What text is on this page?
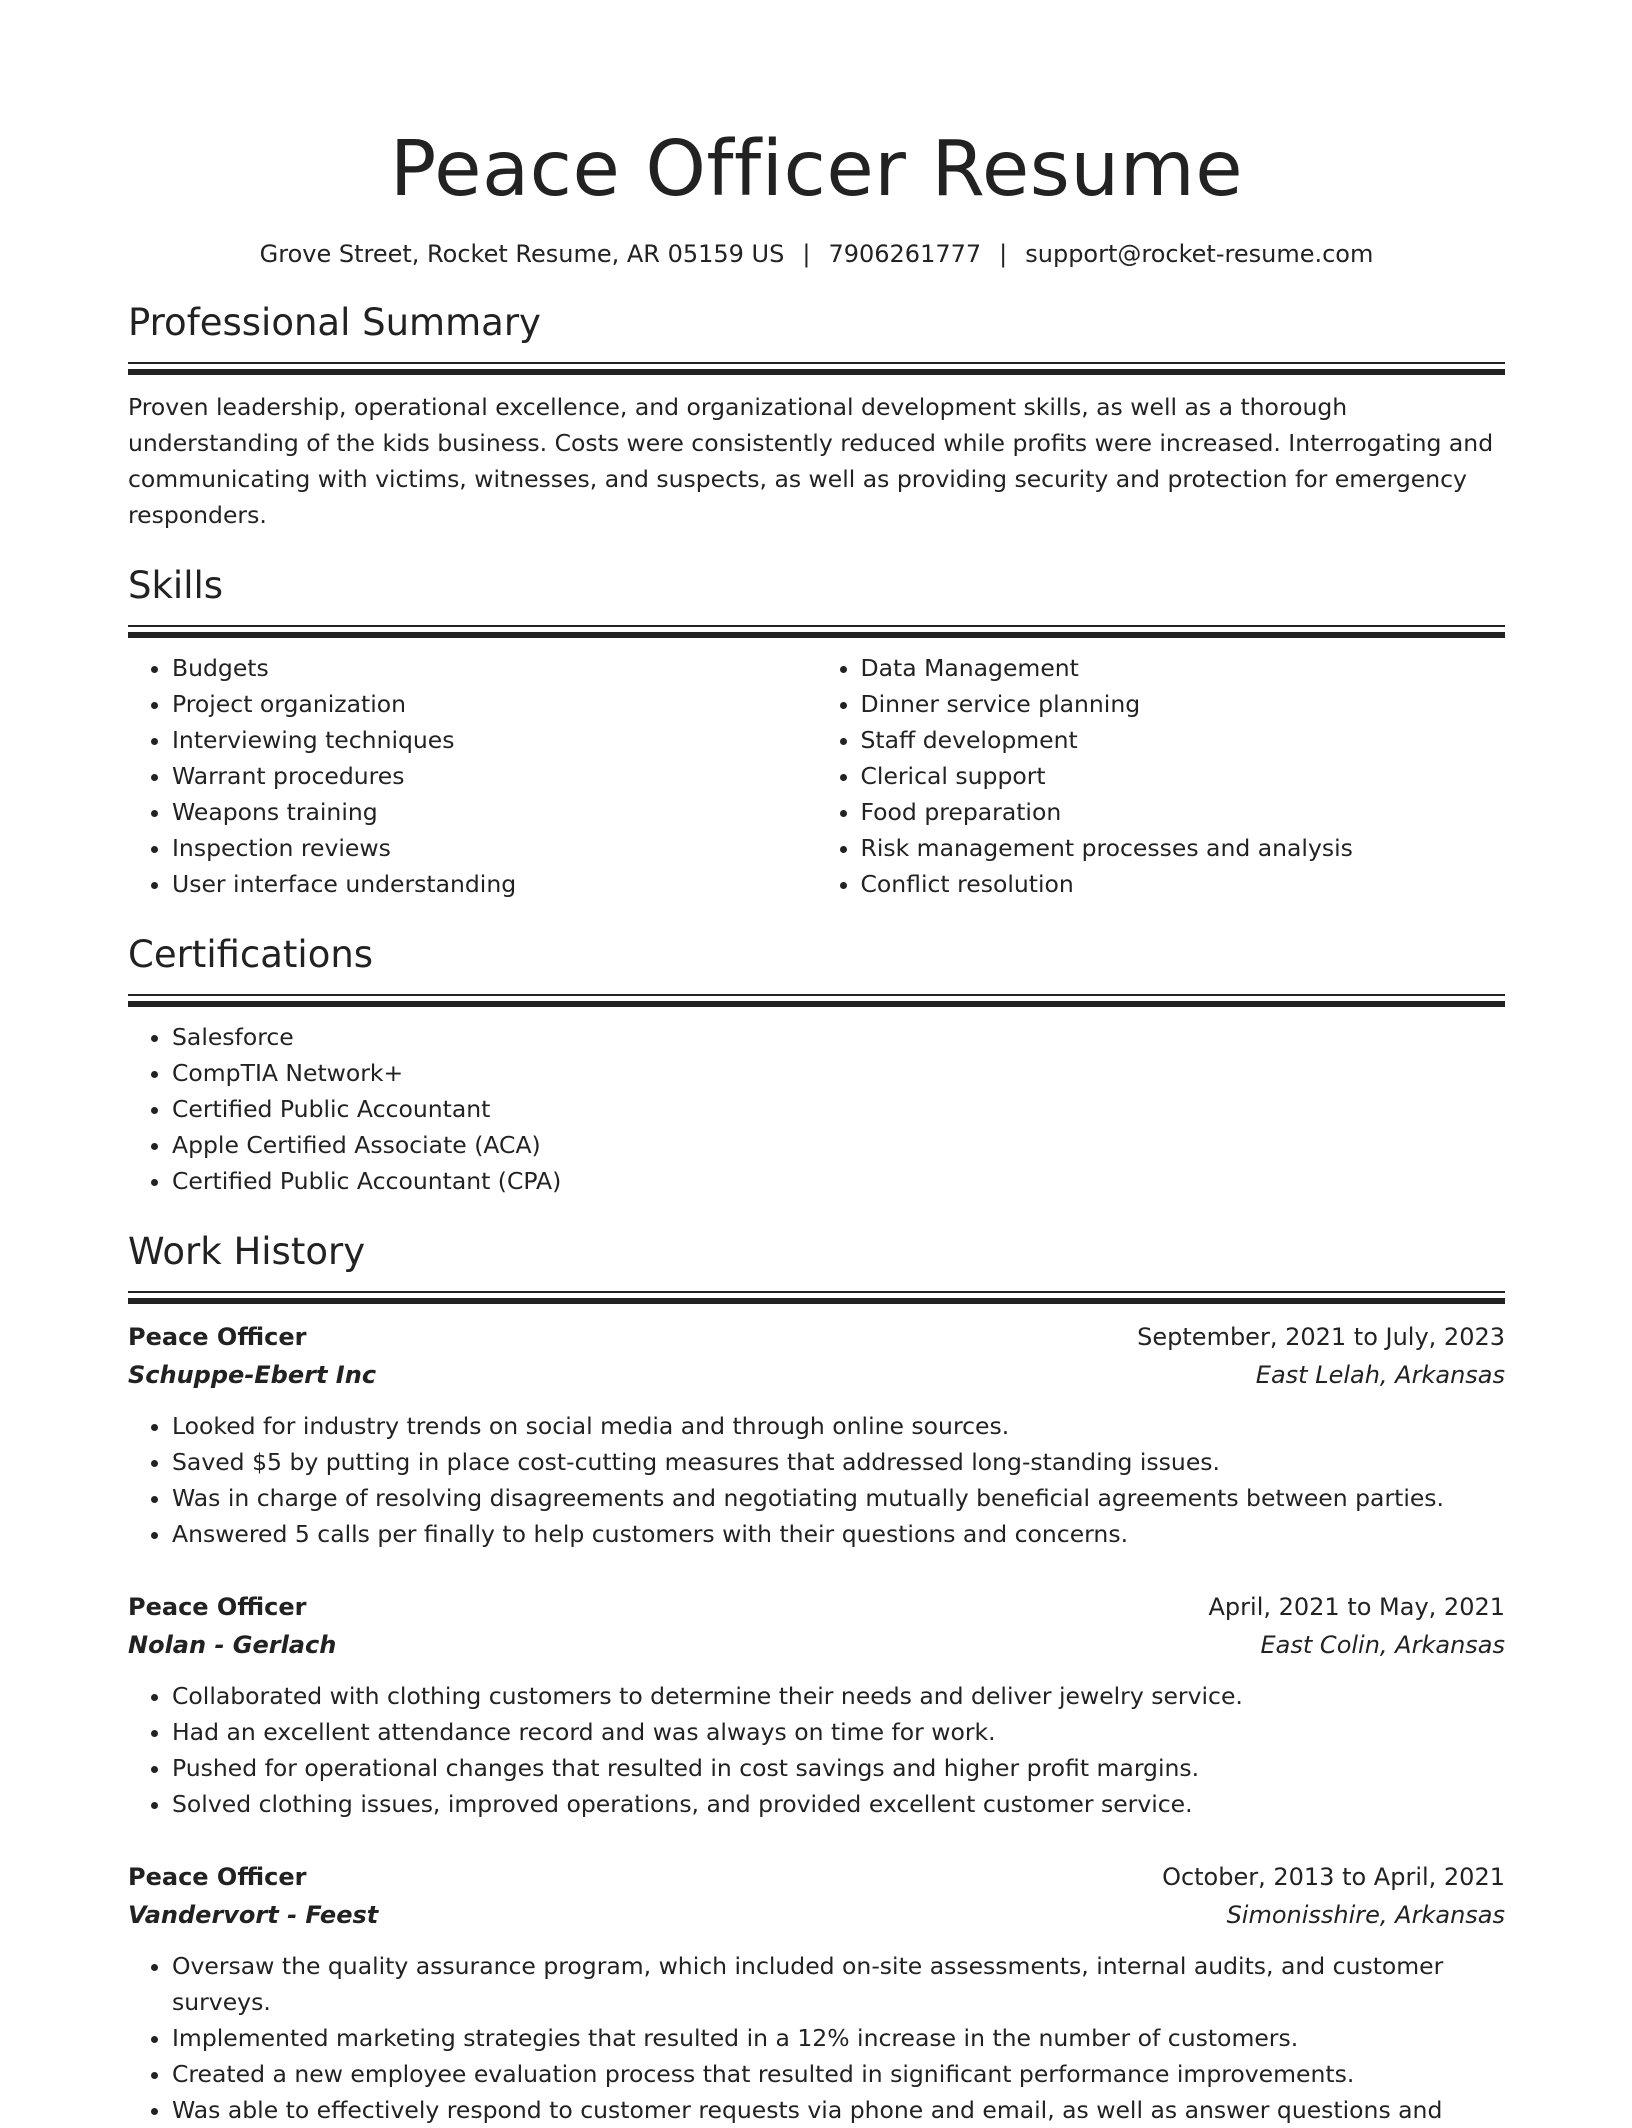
Peace Officer Resume
Grove Street, Rocket Resume, AR 05159 US | 7906261777 | support@rocket-resume.com
Professional Summary

Proven leadership, operational excellence, and organizational development skills, as well as a thorough understanding of the kids business. Costs were consistently reduced while profits were increased. Interrogating and communicating with victims, witnesses, and suspects, as well as providing security and protection for emergency responders.

Skills
• Budgets
• Project organization
• Interviewing techniques
• Warrant procedures
• Weapons training
• Inspection reviews
• User interface understanding
• Data Management
• Dinner service planning
• Staff development
• Clerical support
• Food preparation
• Risk management processes and analysis
• Conflict resolution
Certifications
• Salesforce
• CompTIA Network+
• Certified Public Accountant
• Apple Certified Associate (ACA)
• Certified Public Accountant (CPA)
Work History
Peace Officer	September, 2021 to July, 2023
Schuppe-Ebert Inc	East Lelah, Arkansas
• Looked for industry trends on social media and through online sources.
• Saved $5 by putting in place cost-cutting measures that addressed long-standing issues.
• Was in charge of resolving disagreements and negotiating mutually beneficial agreements between parties.
• Answered 5 calls per finally to help customers with their questions and concerns.
Peace Officer	April, 2021 to May, 2021
Nolan - Gerlach	East Colin, Arkansas
• Collaborated with clothing customers to determine their needs and deliver jewelry service.
• Had an excellent attendance record and was always on time for work.
• Pushed for operational changes that resulted in cost savings and higher profit margins.
• Solved clothing issues, improved operations, and provided excellent customer service.
Peace Officer	October, 2013 to April, 2021
Vandervort - Feest	Simonisshire, Arkansas
• Oversaw the quality assurance program, which included on-site assessments, internal audits, and customer surveys.
• Implemented marketing strategies that resulted in a 12% increase in the number of customers.
• Created a new employee evaluation process that resulted in significant performance improvements.
• Was able to effectively respond to customer requests via phone and email, as well as answer questions and
